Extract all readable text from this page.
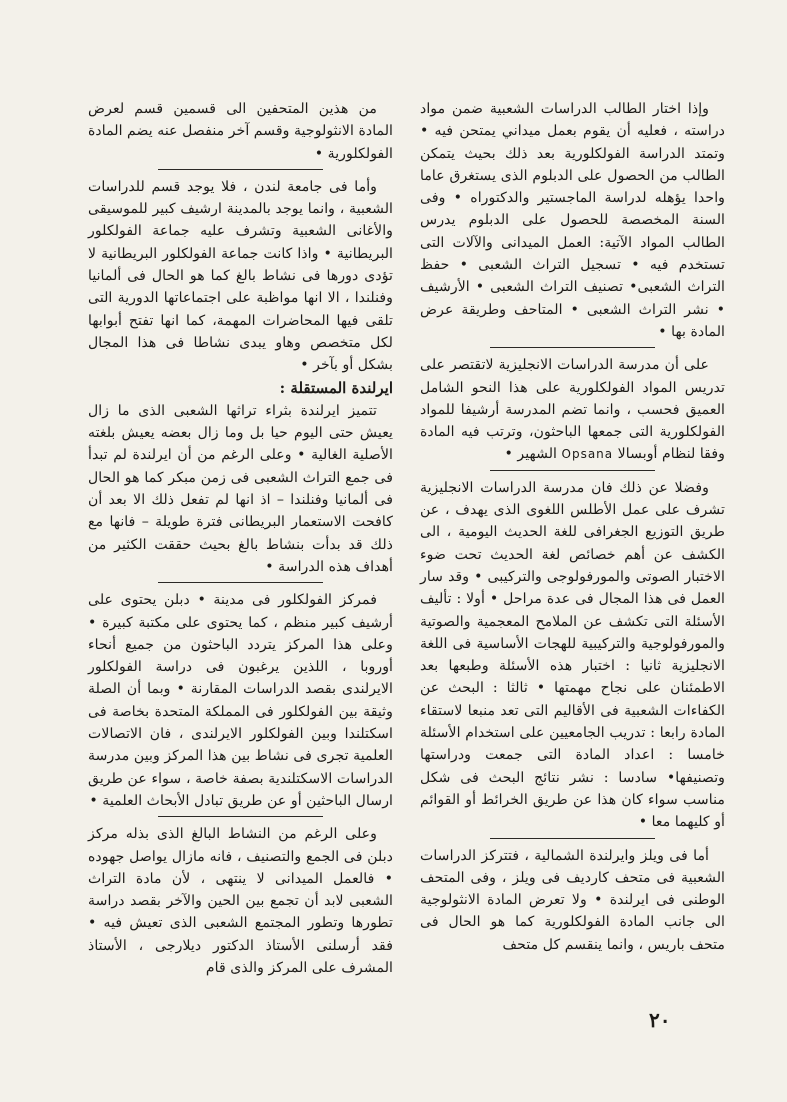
وإذا اختار الطالب الدراسات الشعبية ضمن مواد دراسته ، فعليه أن يقوم بعمل ميداني يمتحن فيه • وتمتد الدراسة الفولكلورية بعد ذلك بحيث يتمكن الطالب من الحصول على الدبلوم الذى يستغرق عاما واحدا يؤهله لدراسة الماجستير والدكتوراه • وفى السنة المخصصة للحصول على الدبلوم يدرس الطالب المواد الآتية: العمل الميدانى والآلات التى تستخدم فيه • تسجيل التراث الشعبى • حفظ التراث الشعبى• تصنيف التراث الشعبى • الأرشيف • نشر التراث الشعبى • المتاحف وطريقة عرض المادة بها •

على أن مدرسة الدراسات الانجليزية لاتقتصر على تدريس المواد الفولكلورية على هذا النحو الشامل العميق فحسب ، وانما تضم المدرسة أرشيفا للمواد الفولكلورية التى جمعها الباحثون، وترتب فيه المادة وفقا لنظام أوبسالا Opsana الشهير •

وفضلا عن ذلك فان مدرسة الدراسات الانجليزية تشرف على عمل الأطلس اللغوى الذى يهدف ، عن طريق التوزيع الجغرافى للغة الحديث اليومية ، الى الكشف عن أهم خصائص لغة الحديث تحت ضوء الاختبار الصوتى والمورفولوجى والتركيبى • وقد سار العمل فى هذا المجال فى عدة مراحل • أولا : تأليف الأسئلة التى تكشف عن الملامح المعجمية والصوتية والمورفولوجية والتركيبية للهجات الأساسية فى اللغة الانجليزية ثانيا : اختبار هذه الأسئلة وطبعها بعد الاطمئنان على نجاح مهمتها • ثالثا : البحث عن الكفاءات الشعبية فى الأقاليم التى تعد منبعا لاستقاء المادة رابعا : تدريب الجامعيين على استخدام الأسئلة خامسا : اعداد المادة التى جمعت ودراستها وتصنيفها• سادسا : نشر نتائج البحث فى شكل مناسب سواء كان هذا عن طريق الخرائط أو القوائم أو كليهما معا •

أما فى ويلز وايرلندة الشمالية ، فتتركز الدراسات الشعبية فى متحف كارديف فى ويلز ، وفى المتحف الوطنى فى ايرلندة • ولا تعرض المادة الانثولوجية الى جانب المادة الفولكلورية كما هو الحال فى متحف باريس ، وانما ينقسم كل متحف

من هذين المتحفين الى قسمين قسم لعرض المادة الانثولوجية وقسم آخر منفصل عنه يضم المادة الفولكلورية •

وأما فى جامعة لندن ، فلا يوجد قسم للدراسات الشعبية ، وانما يوجد بالمدينة ارشيف كبير للموسيقى والأغانى الشعبية وتشرف عليه جماعة الفولكلور البريطانية • واذا كانت جماعة الفولكلور البريطانية لا تؤدى دورها فى نشاط بالغ كما هو الحال فى ألمانيا وفنلندا ، الا انها مواظبة على اجتماعاتها الدورية التى تلقى فيها المحاضرات المهمة، كما انها تفتح أبوابها لكل متخصص وهاو يبدى نشاطا فى هذا المجال بشكل أو بآخر •

ايرلندة المستقلة :

تتميز ايرلندة بثراء تراثها الشعبى الذى ما زال يعيش حتى اليوم حيا بل وما زال بعضه يعيش بلغته الأصلية الغالية • وعلى الرغم من أن ايرلندة لم تبدأ فى جمع التراث الشعبى فى زمن مبكر كما هو الحال فى ألمانيا وفنلندا – اذ انها لم تفعل ذلك الا بعد أن كافحت الاستعمار البريطانى فترة طويلة – فانها مع ذلك قد بدأت بنشاط بالغ بحيث حققت الكثير من أهداف هذه الدراسة •

فمركز الفولكلور فى مدينة • دبلن يحتوى على أرشيف كبير منظم ، كما يحتوى على مكتبة كبيرة • وعلى هذا المركز يتردد الباحثون من جميع أنحاء أوروبا ، اللذين يرغبون فى دراسة الفولكلور الايرلندى بقصد الدراسات المقارنة • وبما أن الصلة وثيقة بين الفولكلور فى المملكة المتحدة بخاصة فى اسكتلندا وبين الفولكلور الايرلندى ، فان الاتصالات العلمية تجرى فى نشاط بين هذا المركز وبين مدرسة الدراسات الاسكتلندية بصفة خاصة ، سواء عن طريق ارسال الباحثين أو عن طريق تبادل الأبحاث العلمية •

وعلى الرغم من النشاط البالغ الذى بذله مركز دبلن فى الجمع والتصنيف ، فانه مازال يواصل جهوده • فالعمل الميدانى لا ينتهى ، لأن مادة التراث الشعبى لابد أن تجمع بين الحين والآخر بقصد دراسة تطورها وتطور المجتمع الشعبى الذى تعيش فيه • فقد أرسلنى الأستاذ الدكتور ديلارجى ، الأستاذ المشرف على المركز والذى قام

٢٠
